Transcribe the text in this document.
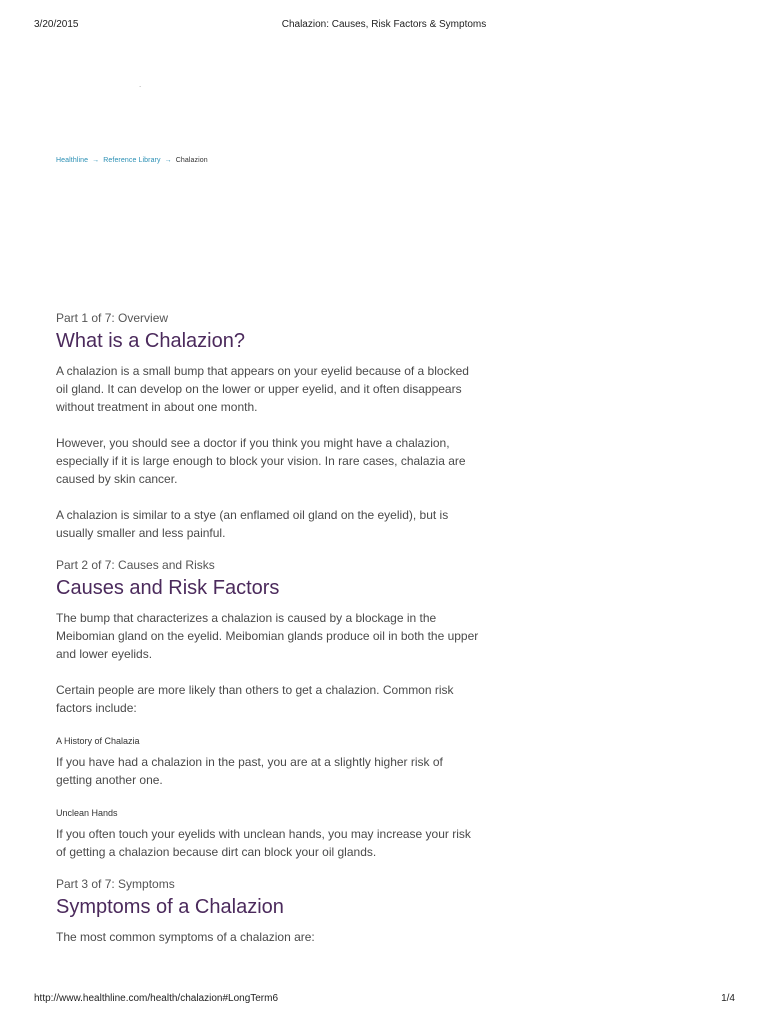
3/20/2015	Chalazion: Causes, Risk Factors & Symptoms
.
Healthline → Reference Library → Chalazion
Part 1 of 7: Overview
What is a Chalazion?

A chalazion is a small bump that appears on your eyelid because of a blocked oil gland. It can develop on the lower or upper eyelid, and it often disappears without treatment in about one month.

However, you should see a doctor if you think you might have a chalazion, especially if it is large enough to block your vision. In rare cases, chalazia are caused by skin cancer.

A chalazion is similar to a stye (an enflamed oil gland on the eyelid), but is usually smaller and less painful.

Part 2 of 7: Causes and Risks
Causes and Risk Factors

The bump that characterizes a chalazion is caused by a blockage in the Meibomian gland on the eyelid. Meibomian glands produce oil in both the upper and lower eyelids.

Certain people are more likely than others to get a chalazion. Common risk factors include:

A History of Chalazia

If you have had a chalazion in the past, you are at a slightly higher risk of getting another one.

Unclean Hands

If you often touch your eyelids with unclean hands, you may increase your risk of getting a chalazion because dirt can block your oil glands.

Part 3 of 7: Symptoms
Symptoms of a Chalazion

The most common symptoms of a chalazion are:

http://www.healthline.com/health/chalazion#LongTerm6	1/4
